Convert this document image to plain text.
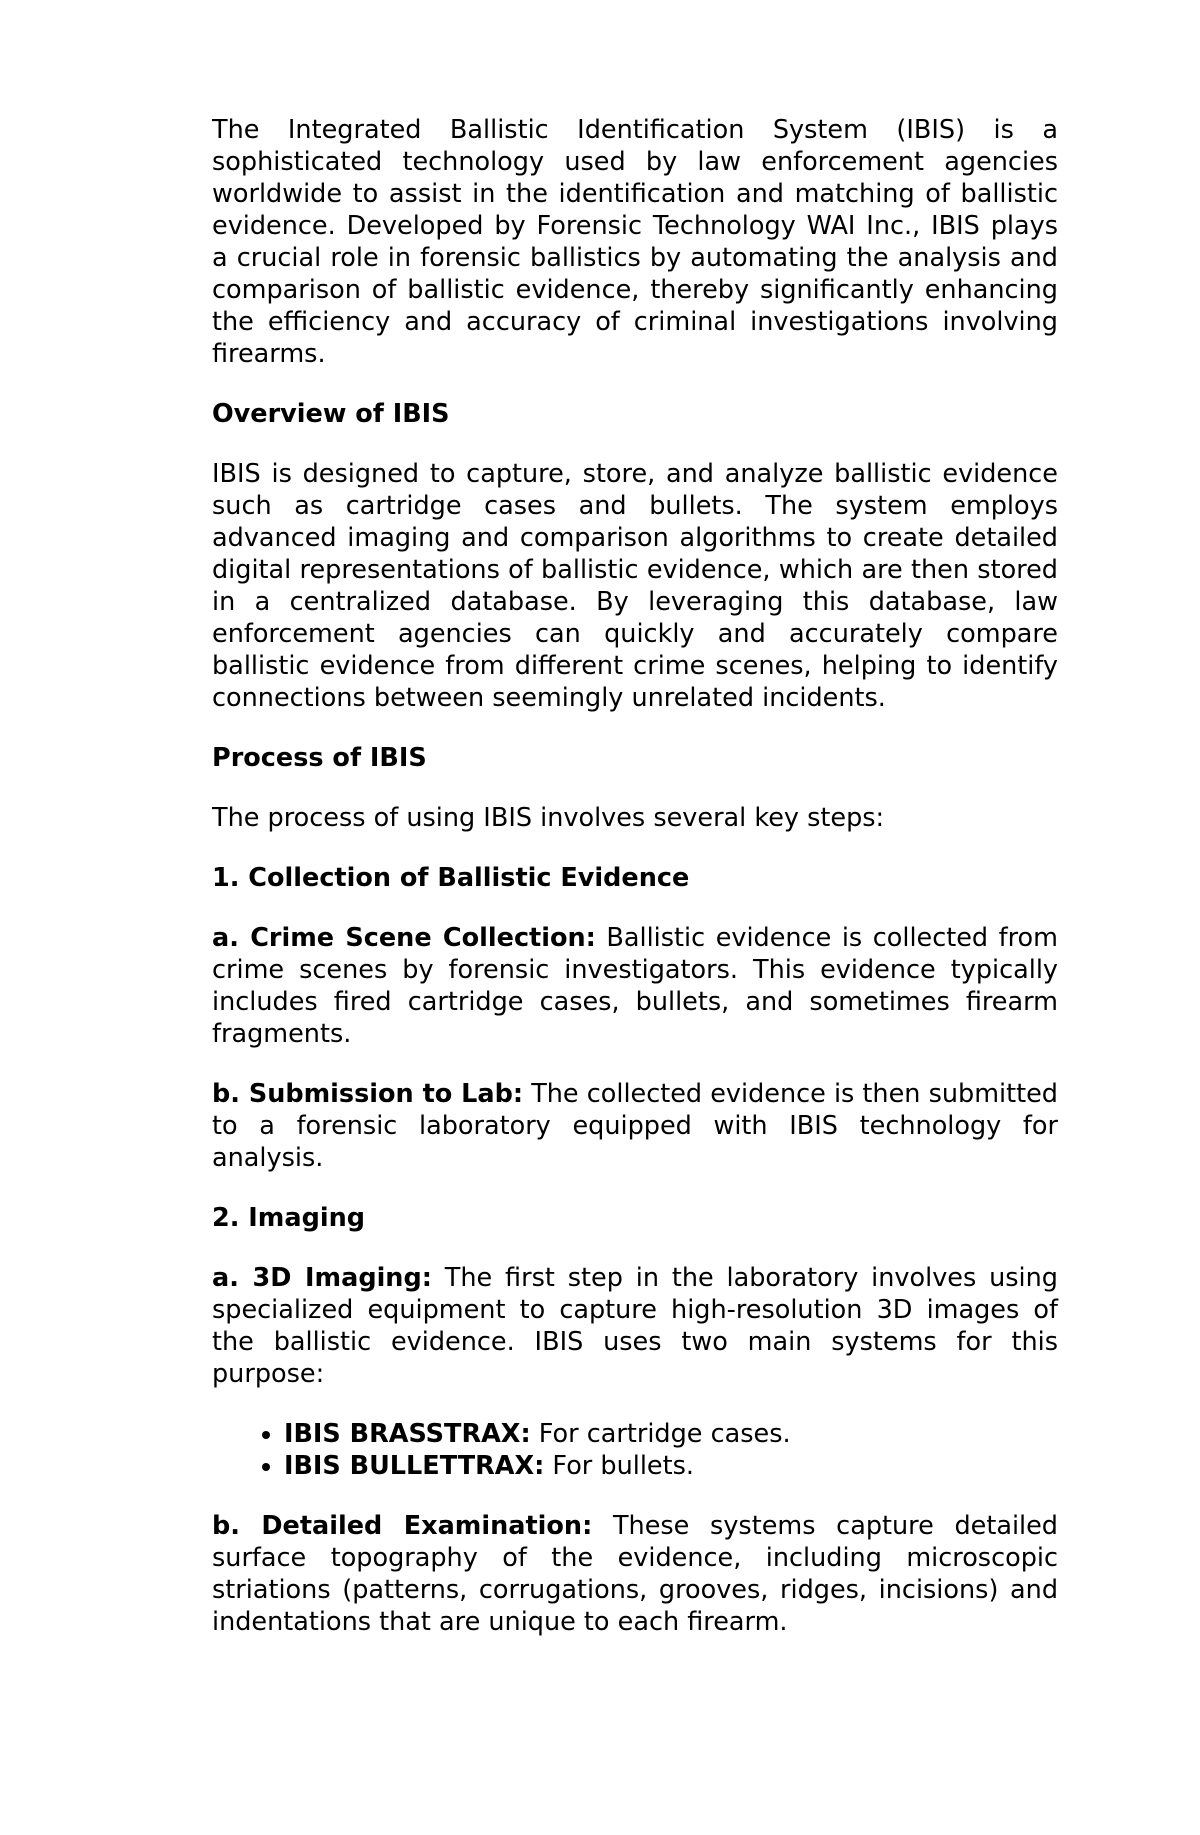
The Integrated Ballistic Identification System (IBIS) is a sophisticated technology used by law enforcement agencies worldwide to assist in the identification and matching of ballistic evidence. Developed by Forensic Technology WAI Inc., IBIS plays a crucial role in forensic ballistics by automating the analysis and comparison of ballistic evidence, thereby significantly enhancing the efficiency and accuracy of criminal investigations involving firearms.

Overview of IBIS

IBIS is designed to capture, store, and analyze ballistic evidence such as cartridge cases and bullets. The system employs advanced imaging and comparison algorithms to create detailed digital representations of ballistic evidence, which are then stored in a centralized database. By leveraging this database, law enforcement agencies can quickly and accurately compare ballistic evidence from different crime scenes, helping to identify connections between seemingly unrelated incidents.

Process of IBIS

The process of using IBIS involves several key steps:

1. Collection of Ballistic Evidence

a. Crime Scene Collection: Ballistic evidence is collected from crime scenes by forensic investigators. This evidence typically includes fired cartridge cases, bullets, and sometimes firearm fragments.

b. Submission to Lab: The collected evidence is then submitted to a forensic laboratory equipped with IBIS technology for analysis.

2. Imaging

a. 3D Imaging: The first step in the laboratory involves using specialized equipment to capture high-resolution 3D images of the ballistic evidence. IBIS uses two main systems for this purpose:

• IBIS BRASSTRAX: For cartridge cases.
• IBIS BULLETTRAX: For bullets.

b. Detailed Examination: These systems capture detailed surface topography of the evidence, including microscopic striations (patterns, corrugations, grooves, ridges, incisions) and indentations that are unique to each firearm.
